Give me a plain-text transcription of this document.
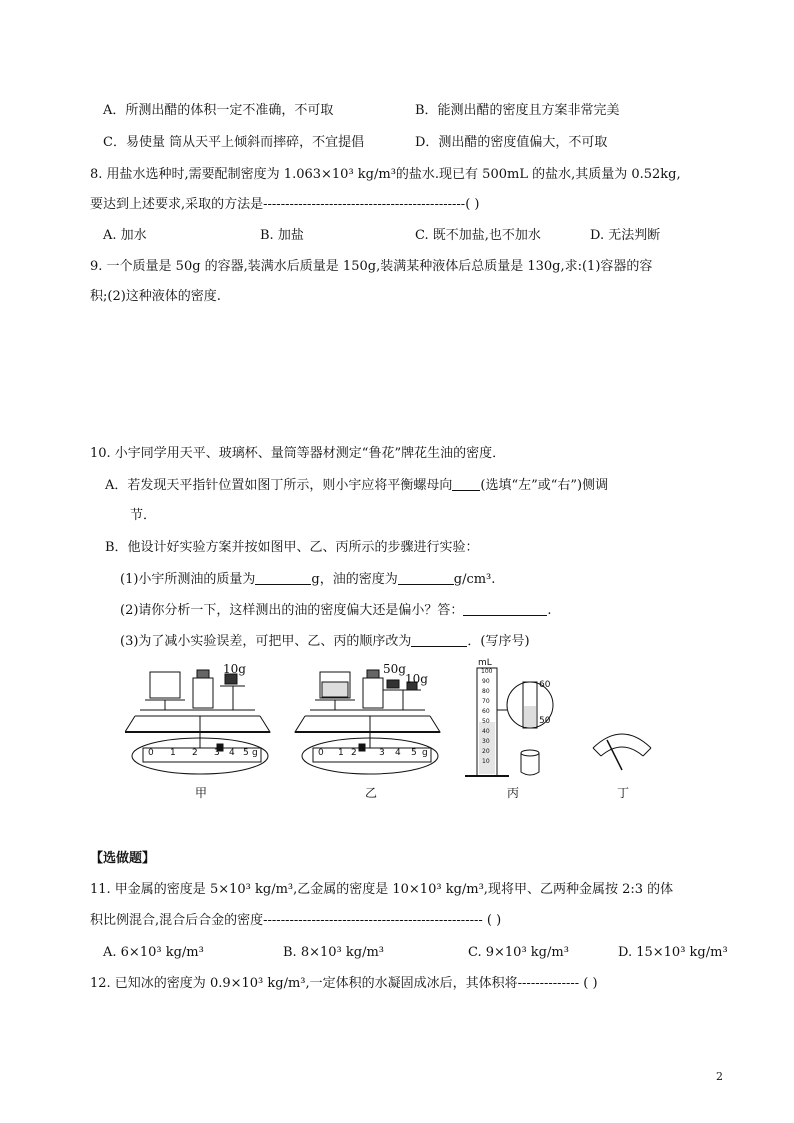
A．所测出醋的体积一定不准确，不可取	B．能测出醋的密度且方案非常完美
C．易使量 筒从天平上倾斜而摔碎，不宜提倡	D．测出醋的密度值偏大，不可取
8. 用盐水选种时,需要配制密度为 1.063×10³ kg/m³的盐水.现已有 500mL 的盐水,其质量为 0.52kg,
要达到上述要求,采取的方法是----------------------------------------------( )
A. 加水	B. 加盐	C. 既不加盐,也不加水	D. 无法判断
9. 一个质量是 50g 的容器,装满水后质量是 150g,装满某种液体后总质量是 130g,求:(1)容器的容
积;(2)这种液体的密度.
10. 小宇同学用天平、玻璃杯、量筒等器材测定“鲁花”牌花生油的密度．
A．若发现天平指针位置如图丁所示，则小宇应将平衡螺母向 (选填“左”或“右”)侧调
节．
B．他设计好实验方案并按如图甲、乙、丙所示的步骤进行实验：
(1)小宇所测油的质量为	g，油的密度为	g/cm³.
(2)请你分析一下，这样测出的油的密度偏大还是偏小？答：	.
(3)为了减小实验误差，可把甲、乙、丙的顺序改为	．(写序号)
10g	50g
10g
mL
60
50
0 1 2 3 4 5 g	0 1 2 3 4 5 g
100
90
80
70
60
50
40
30
20
10
甲	乙	丙	丁
【选做题】
11. 甲金属的密度是 5×10³ kg/m³,乙金属的密度是 10×10³ kg/m³,现将甲、乙两种金属按 2:3 的体
积比例混合,混合后合金的密度-------------------------------------------------- ( )
A. 6×10³ kg/m³	B. 8×10³ kg/m³	C. 9×10³ kg/m³	D. 15×10³ kg/m³
12. 已知冰的密度为 0.9×10³ kg/m³,一定体积的水凝固成冰后，其体积将-------------- ( )
2
